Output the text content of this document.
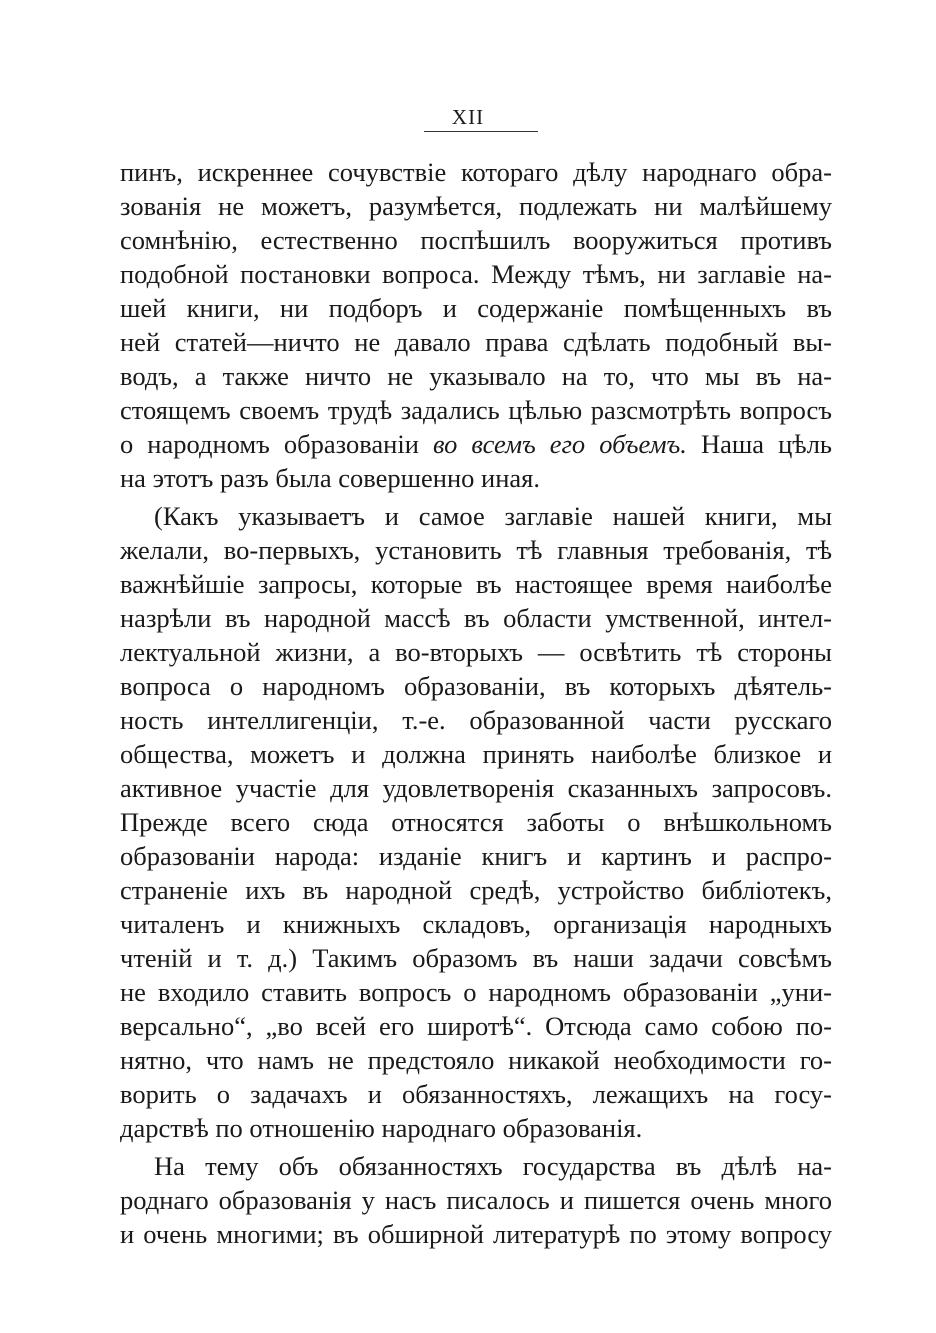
XII
пинъ, искреннее сочувствіе котораго дѣлу народнаго обра-
зованія не можетъ, разумѣется, подлежать ни малѣйшему
сомнѣнію, естественно поспѣшилъ вооружиться противъ
подобной постановки вопроса. Между тѣмъ, ни заглавіе на-
шей книги, ни подборъ и содержаніе помѣщенныхъ въ
ней статей—ничто не давало права сдѣлать подобный вы-
водъ, а также ничто не указывало на то, что мы въ на-
стоящемъ своемъ трудѣ задались цѣлью разсмотрѣть вопросъ
о народномъ образованіи во всемъ его объемъ. Наша цѣль
на этотъ разъ была совершенно иная.
(Какъ указываетъ и самое заглавіе нашей книги, мы
желали, во-первыхъ, установить тѣ главныя требованія, тѣ
важнѣйшіе запросы, которые въ настоящее время наиболѣе
назрѣли въ народной массѣ въ области умственной, интел-
лектуальной жизни, а во-вторыхъ — освѣтить тѣ стороны
вопроса о народномъ образованіи, въ которыхъ дѣятель-
ность интеллигенціи, т.-е. образованной части русскаго
общества, можетъ и должна принять наиболѣе близкое и
активное участіе для удовлетворенія сказанныхъ запросовъ.
Прежде всего сюда относятся заботы о внѣшкольномъ
образованіи народа: изданіе книгъ и картинъ и распро-
страненіе ихъ въ народной средѣ, устройство библіотекъ,
читаленъ и книжныхъ складовъ, организація народныхъ
чтеній и т. д.) Такимъ образомъ въ наши задачи совсѣмъ
не входило ставить вопросъ о народномъ образованіи „уни-
версально“, „во всей его широтѣ“. Отсюда само собою по-
нятно, что намъ не предстояло никакой необходимости го-
ворить о задачахъ и обязанностяхъ, лежащихъ на госу-
дарствѣ по отношенію народнаго образованія.
На тему объ обязанностяхъ государства въ дѣлѣ на-
роднаго образованія у насъ писалось и пишется очень много
и очень многими; въ обширной литературѣ по этому вопросу
